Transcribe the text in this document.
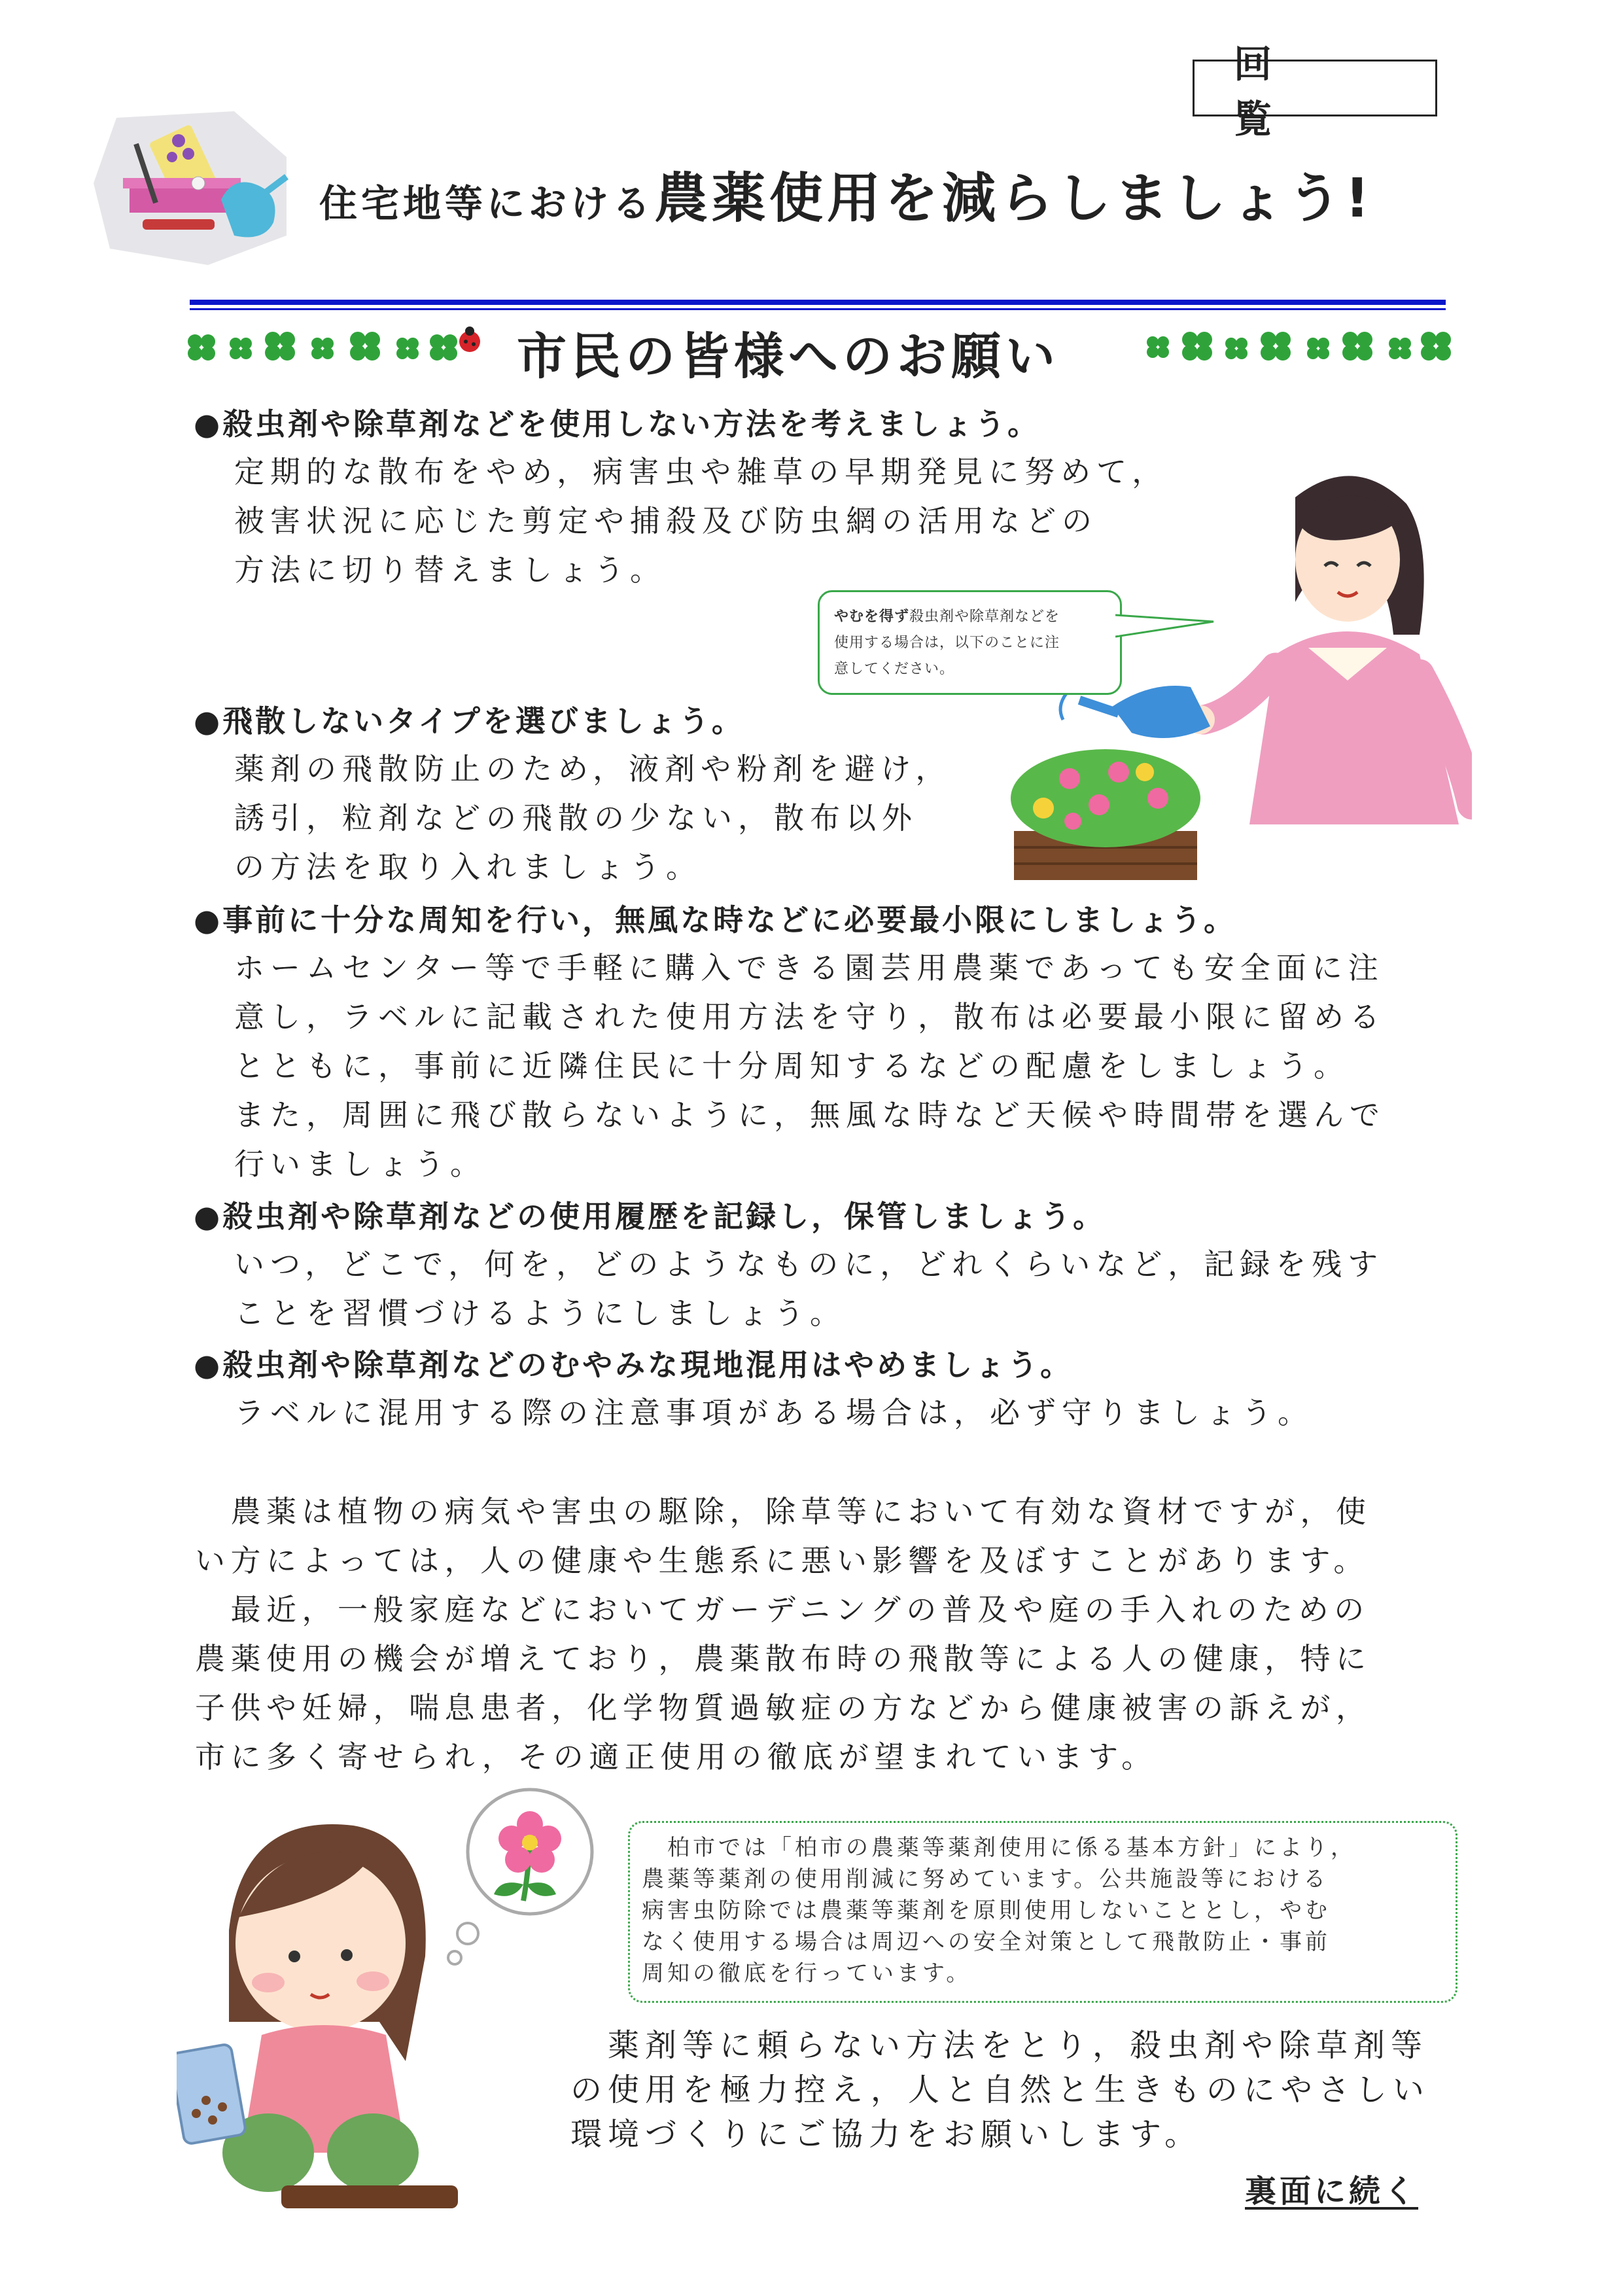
回　覧
住宅地等における農薬使用を減らしましょう!
市民の皆様へのお願い
やむを得ず殺虫剤や除草剤などを
使用する場合は，以下のことに注
意してください。
●殺虫剤や除草剤などを使用しない方法を考えましょう。
定期的な散布をやめ，病害虫や雑草の早期発見に努めて，
被害状況に応じた剪定や捕殺及び防虫網の活用などの
方法に切り替えましょう。
●飛散しないタイプを選びましょう。
薬剤の飛散防止のため，液剤や粉剤を避け，
誘引，粒剤などの飛散の少ない，散布以外
の方法を取り入れましょう。
●事前に十分な周知を行い，無風な時などに必要最小限にしましょう。
ホームセンター等で手軽に購入できる園芸用農薬であっても安全面に注
意し，ラベルに記載された使用方法を守り，散布は必要最小限に留める
とともに，事前に近隣住民に十分周知するなどの配慮をしましょう。
また，周囲に飛び散らないように，無風な時など天候や時間帯を選んで
行いましょう。
●殺虫剤や除草剤などの使用履歴を記録し，保管しましょう。
いつ，どこで，何を，どのようなものに，どれくらいなど，記録を残す
ことを習慣づけるようにしましょう。
●殺虫剤や除草剤などのむやみな現地混用はやめましょう。
ラベルに混用する際の注意事項がある場合は，必ず守りましょう。
　農薬は植物の病気や害虫の駆除，除草等において有効な資材ですが，使
い方によっては，人の健康や生態系に悪い影響を及ぼすことがあります。
　最近，一般家庭などにおいてガーデニングの普及や庭の手入れのための
農薬使用の機会が増えており，農薬散布時の飛散等による人の健康，特に
子供や妊婦，喘息患者，化学物質過敏症の方などから健康被害の訴えが，
市に多く寄せられ，その適正使用の徹底が望まれています。
　柏市では「柏市の農薬等薬剤使用に係る基本方針」により，
農薬等薬剤の使用削減に努めています。公共施設等における
病害虫防除では農薬等薬剤を原則使用しないこととし，やむ
なく使用する場合は周辺への安全対策として飛散防止・事前
周知の徹底を行っています。
　薬剤等に頼らない方法をとり，殺虫剤や除草剤等
の使用を極力控え，人と自然と生きものにやさしい
環境づくりにご協力をお願いします。
裏面に続く
